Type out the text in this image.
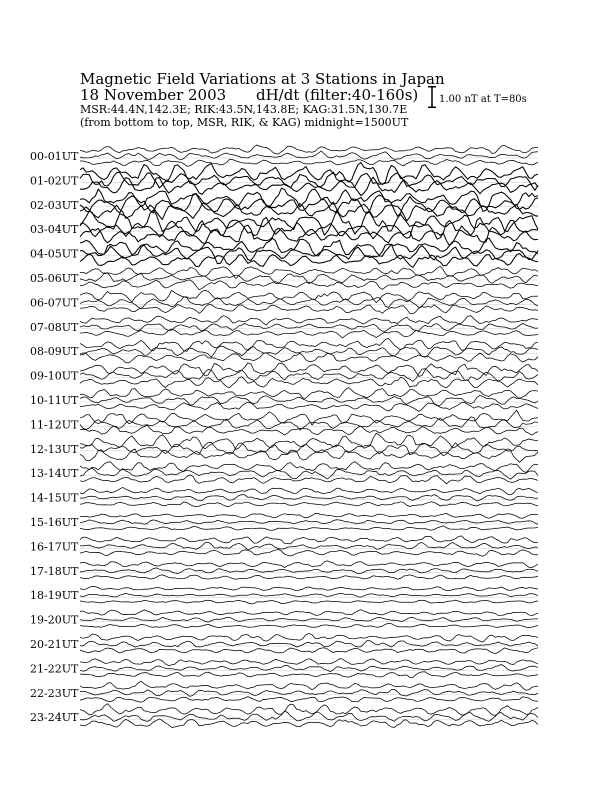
Magnetic Field Variations at 3 Stations in Japan
18 November 2003 dH/dt (filter:40-160s)
MSR:44.4N,142.3E; RIK:43.5N,143.8E; KAG:31.5N,130.7E
(from bottom to top, MSR, RIK, & KAG) midnight=1500UT
1.00 nT at T=80s
00-01UT
01-02UT
02-03UT
03-04UT
04-05UT
05-06UT
06-07UT
07-08UT
08-09UT
09-10UT
10-11UT
11-12UT
12-13UT
13-14UT
14-15UT
15-16UT
16-17UT
17-18UT
18-19UT
19-20UT
20-21UT
21-22UT
22-23UT
23-24UT
